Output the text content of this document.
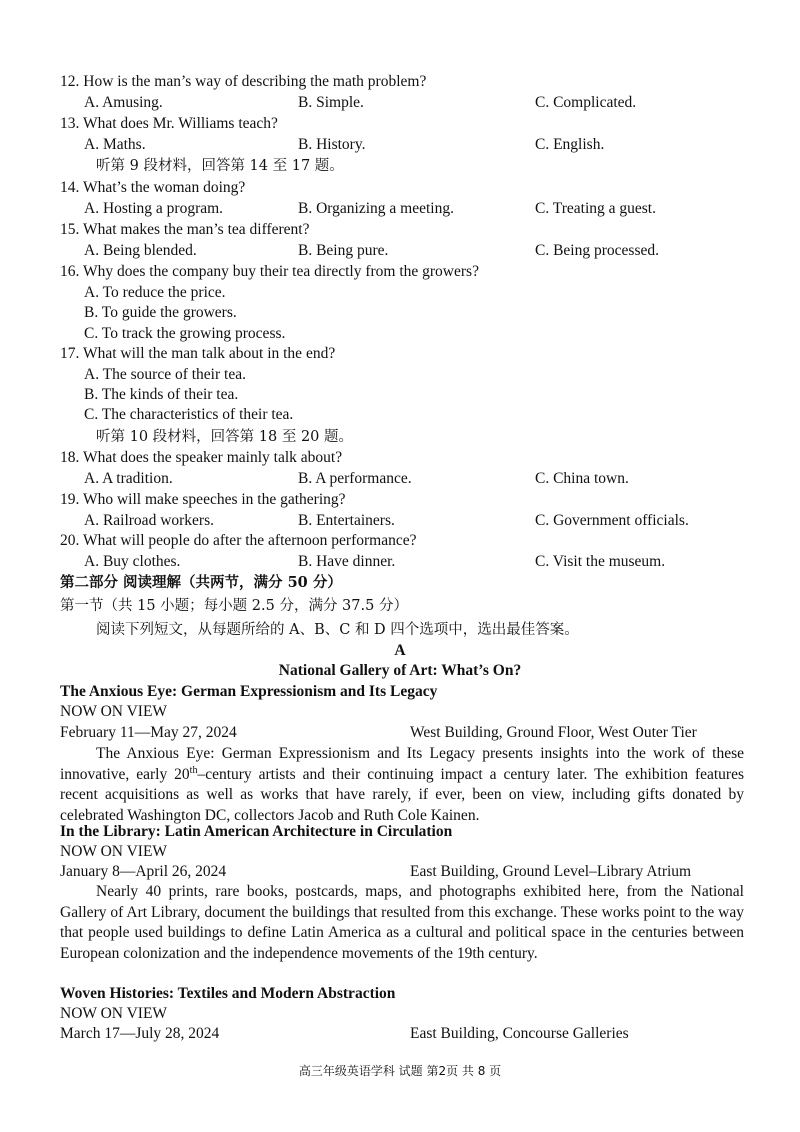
12. How is the man’s way of describing the math problem?
A. Amusing.	B. Simple.	C. Complicated.
13. What does Mr. Williams teach?
A. Maths.	B. History.	C. English.
听第 9 段材料，回答第 14 至 17 题。
14. What’s the woman doing?
A. Hosting a program.	B. Organizing a meeting.	C. Treating a guest.
15. What makes the man’s tea different?
A. Being blended.	B. Being pure.	C. Being processed.
16. Why does the company buy their tea directly from the growers?
A. To reduce the price.
B. To guide the growers.
C. To track the growing process.
17. What will the man talk about in the end?
A. The source of their tea.
B. The kinds of their tea.
C. The characteristics of their tea.
听第 10 段材料，回答第 18 至 20 题。
18. What does the speaker mainly talk about?
A. A tradition.	B. A performance.	C. China town.
19. Who will make speeches in the gathering?
A. Railroad workers.	B. Entertainers.	C. Government officials.
20. What will people do after the afternoon performance?
A. Buy clothes.	B. Have dinner.	C. Visit the museum.
第二部分 阅读理解（共两节，满分 50 分）
第一节（共 15 小题；每小题 2.5 分，满分 37.5 分）
阅读下列短文，从每题所给的 A、B、C 和 D 四个选项中，选出最佳答案。
A
National Gallery of Art: What’s On?
The Anxious Eye: German Expressionism and Its Legacy
NOW ON VIEW
February 11—May 27, 2024	West Building, Ground Floor, West Outer Tier
The Anxious Eye: German Expressionism and Its Legacy presents insights into the work of these innovative, early 20th–century artists and their continuing impact a century later. The exhibition features recent acquisitions as well as works that have rarely, if ever, been on view, including gifts donated by celebrated Washington DC, collectors Jacob and Ruth Cole Kainen.
In the Library: Latin American Architecture in Circulation
NOW ON VIEW
January 8—April 26, 2024	East Building, Ground Level–Library Atrium
Nearly 40 prints, rare books, postcards, maps, and photographs exhibited here, from the National Gallery of Art Library, document the buildings that resulted from this exchange. These works point to the way that people used buildings to define Latin America as a cultural and political space in the centuries between European colonization and the independence movements of the 19th century.
Woven Histories: Textiles and Modern Abstraction
NOW ON VIEW
March 17—July 28, 2024	East Building, Concourse Galleries
高三年级英语学科 试题 第2页 共 8 页
